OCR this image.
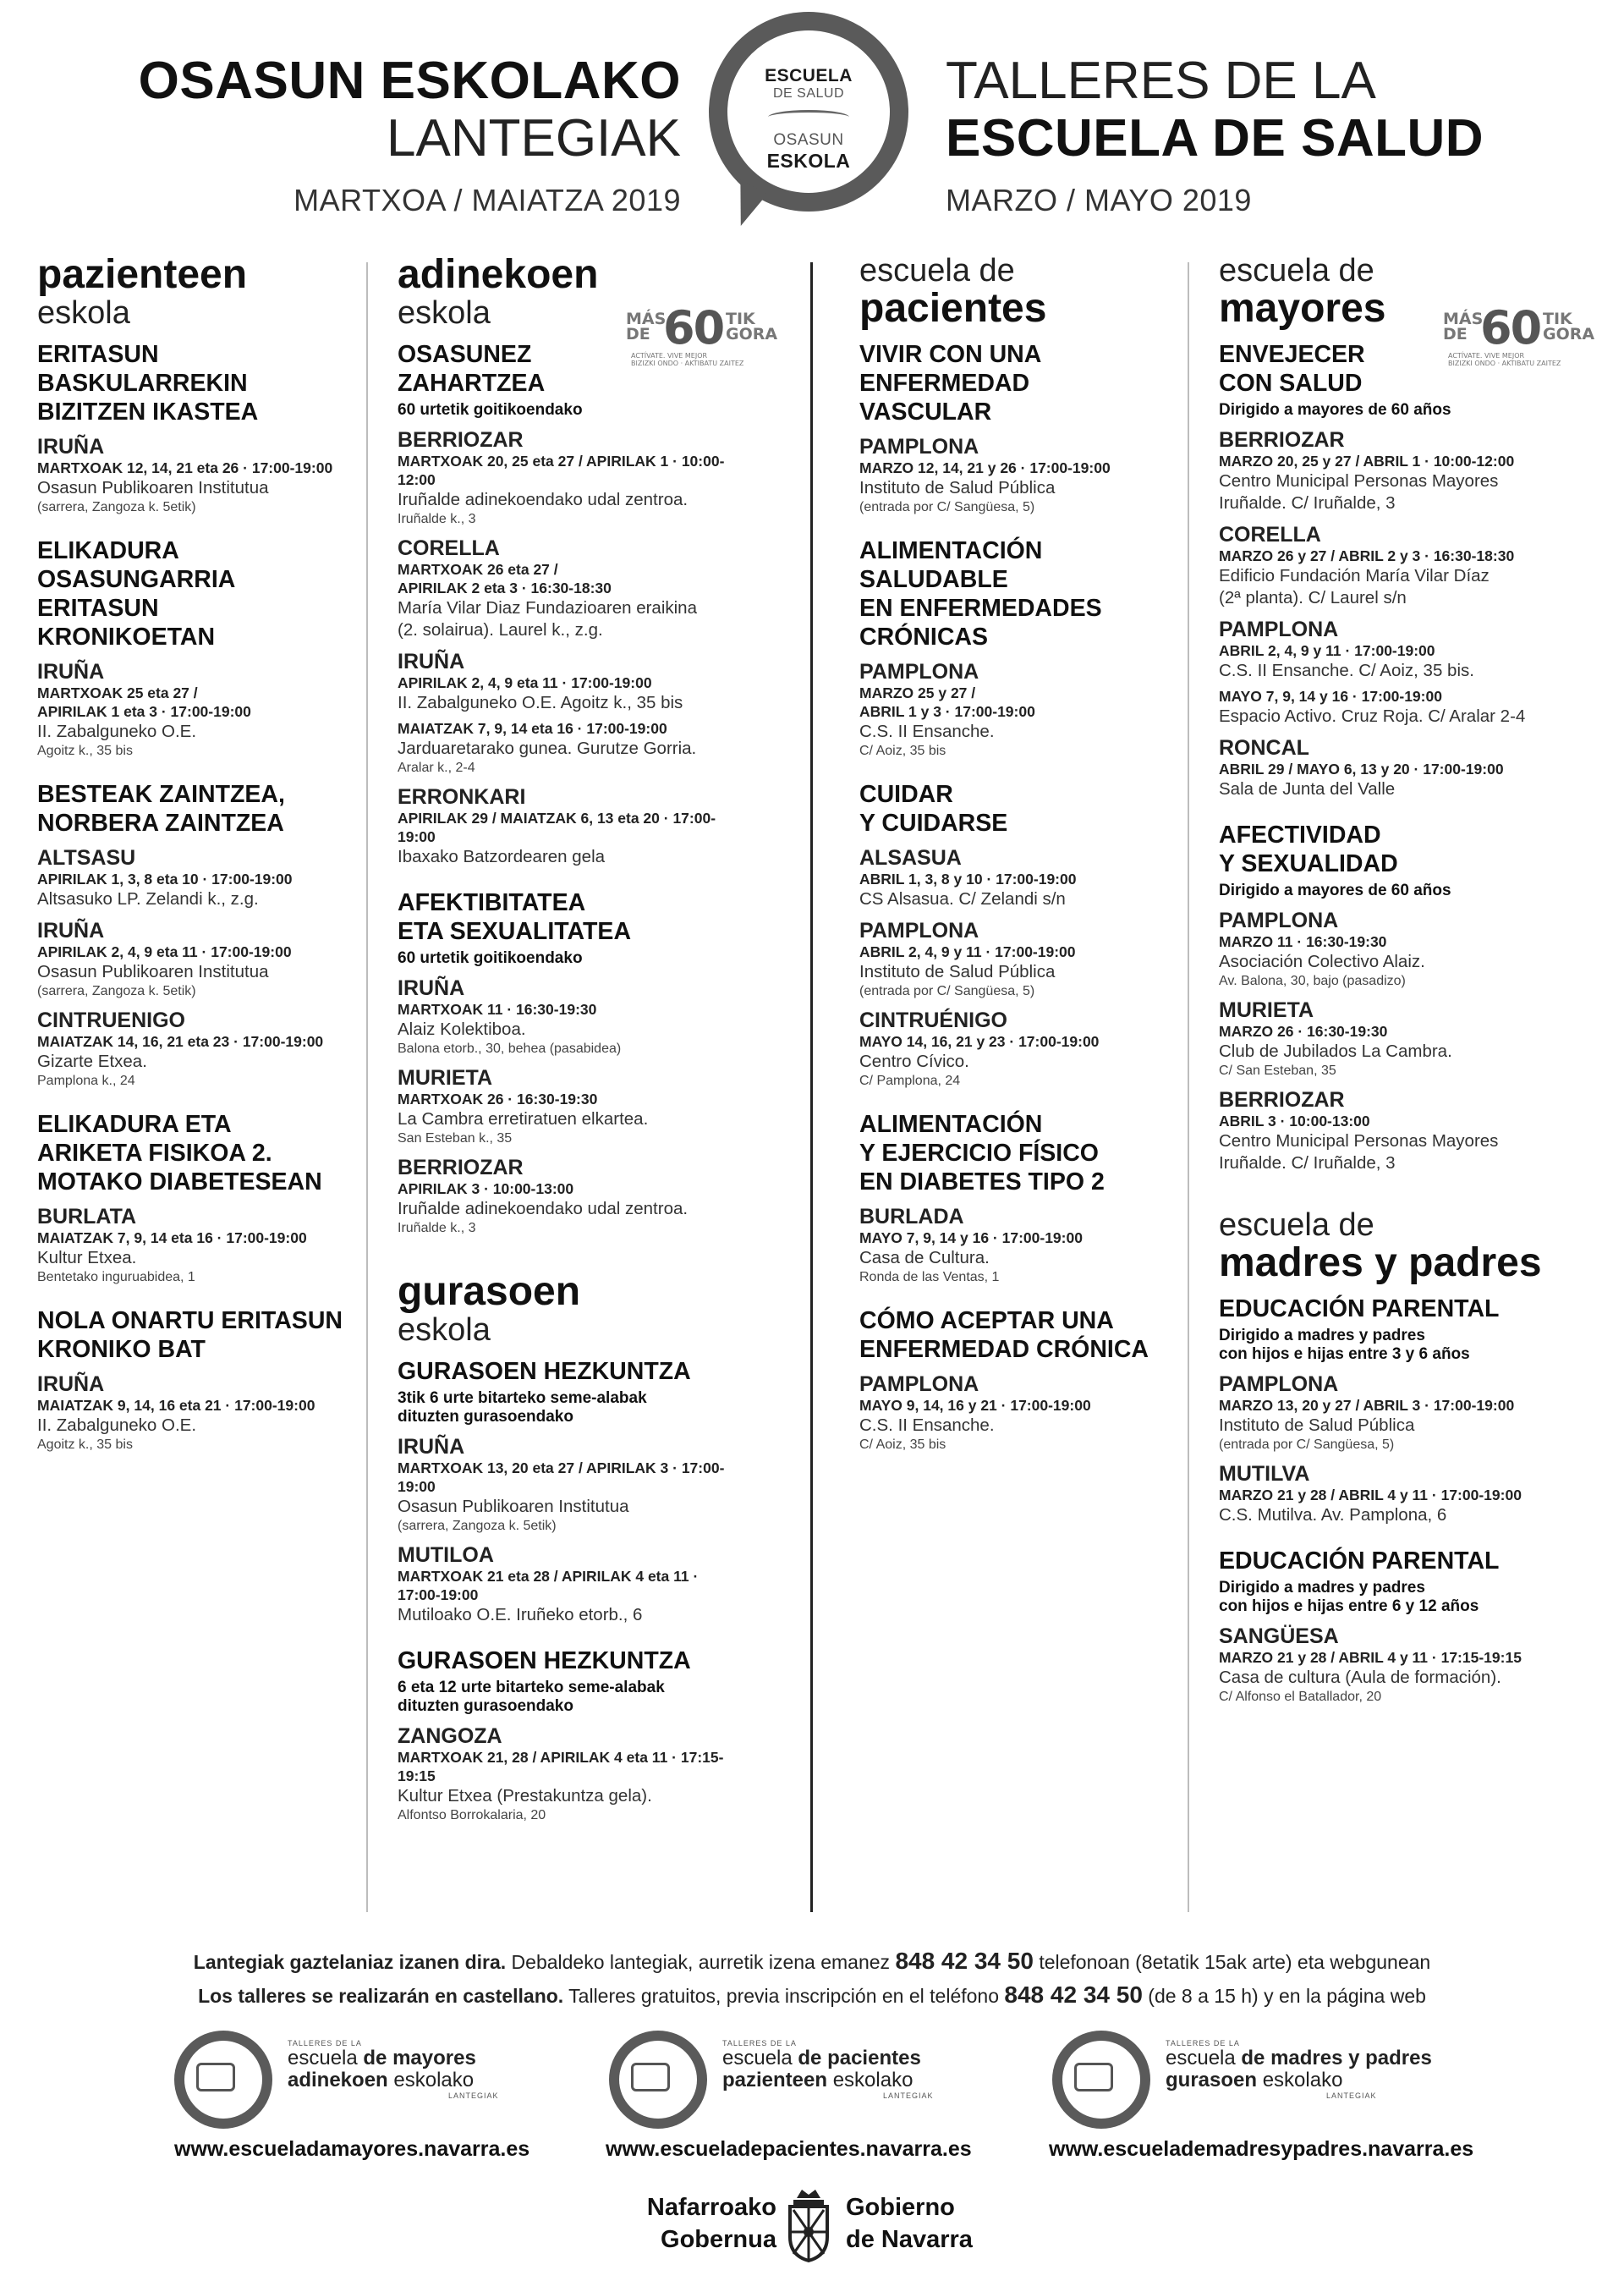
OSASUN ESKOLAKO
LANTEGIAK
MARTXOA / MAIATZA 2019
ESCUELA
DE SALUD
OSASUN
ESKOLA
TALLERES DE LA
ESCUELA DE SALUD
MARZO / MAYO 2019
pazienteen
eskola
ERITASUN
BASKULARREKIN
BIZITZEN IKASTEA
IRUÑA
MARTXOAK 12, 14, 21 eta 26 · 17:00-19:00
Osasun Publikoaren Institutua
(sarrera, Zangoza k. 5etik)
ELIKADURA
OSASUNGARRIA
ERITASUN
KRONIKOETAN
IRUÑA
MARTXOAK 25 eta 27 /
APIRILAK 1 eta 3 · 17:00-19:00
II. Zabalguneko O.E.
Agoitz k., 35 bis
BESTEAK ZAINTZEA,
NORBERA ZAINTZEA
ALTSASU
APIRILAK 1, 3, 8 eta 10 · 17:00-19:00
Altsasuko LP. Zelandi k., z.g.
IRUÑA
APIRILAK 2, 4, 9 eta 11 · 17:00-19:00
Osasun Publikoaren Institutua
(sarrera, Zangoza k. 5etik)
CINTRUENIGO
MAIATZAK 14, 16, 21 eta 23 · 17:00-19:00
Gizarte Etxea.
Pamplona k., 24
ELIKADURA ETA
ARIKETA FISIKOA 2.
MOTAKO DIABETESEAN
BURLATA
MAIATZAK 7, 9, 14 eta 16 · 17:00-19:00
Kultur Etxea.
Bentetako inguruabidea, 1
NOLA ONARTU ERITASUN
KRONIKO BAT
IRUÑA
MAIATZAK 9, 14, 16 eta 21 · 17:00-19:00
II. Zabalguneko O.E.
Agoitz k., 35 bis
adinekoen
eskola	MÁS
DE 60 TIK
GORA
ACTÍVATE. VIVE MEJOR
BIZIZKI ONDO · AKTIBATU ZAITEZ
OSASUNEZ
ZAHARTZEA
60 urtetik goitikoendako
BERRIOZAR
MARTXOAK 20, 25 eta 27 / APIRILAK 1 · 10:00-12:00
Iruñalde adinekoendako udal zentroa.
Iruñalde k., 3
CORELLA
MARTXOAK 26 eta 27 /
APIRILAK 2 eta 3 · 16:30-18:30
María Vilar Diaz Fundazioaren eraikina
(2. solairua). Laurel k., z.g.
IRUÑA
APIRILAK 2, 4, 9 eta 11 · 17:00-19:00
II. Zabalguneko O.E. Agoitz k., 35 bis
MAIATZAK 7, 9, 14 eta 16 · 17:00-19:00
Jarduaretarako gunea. Gurutze Gorria.
Aralar k., 2-4
ERRONKARI
APIRILAK 29 / MAIATZAK 6, 13 eta 20 · 17:00-19:00
Ibaxako Batzordearen gela
AFEKTIBITATEA
ETA SEXUALITATEA
60 urtetik goitikoendako
IRUÑA
MARTXOAK 11 · 16:30-19:30
Alaiz Kolektiboa.
Balona etorb., 30, behea (pasabidea)
MURIETA
MARTXOAK 26 · 16:30-19:30
La Cambra erretiratuen elkartea.
San Esteban k., 35
BERRIOZAR
APIRILAK 3 · 10:00-13:00
Iruñalde adinekoendako udal zentroa.
Iruñalde k., 3
gurasoen
eskola
GURASOEN HEZKUNTZA
3tik 6 urte bitarteko seme-alabak
dituzten gurasoendako
IRUÑA
MARTXOAK 13, 20 eta 27 / APIRILAK 3 · 17:00-19:00
Osasun Publikoaren Institutua
(sarrera, Zangoza k. 5etik)
MUTILOA
MARTXOAK 21 eta 28 / APIRILAK 4 eta 11 · 17:00-19:00
Mutiloako O.E. Iruñeko etorb., 6
GURASOEN HEZKUNTZA
6 eta 12 urte bitarteko seme-alabak
dituzten gurasoendako
ZANGOZA
MARTXOAK 21, 28 / APIRILAK 4 eta 11 · 17:15-19:15
Kultur Etxea (Prestakuntza gela).
Alfontso Borrokalaria, 20
escuela de
pacientes
VIVIR CON UNA
ENFERMEDAD
VASCULAR
PAMPLONA
MARZO 12, 14, 21 y 26 · 17:00-19:00
Instituto de Salud Pública
(entrada por C/ Sangüesa, 5)
ALIMENTACIÓN
SALUDABLE
EN ENFERMEDADES
CRÓNICAS
PAMPLONA
MARZO 25 y 27 /
ABRIL 1 y 3 · 17:00-19:00
C.S. II Ensanche.
C/ Aoiz, 35 bis
CUIDAR
Y CUIDARSE
ALSASUA
ABRIL 1, 3, 8 y 10 · 17:00-19:00
CS Alsasua. C/ Zelandi s/n
PAMPLONA
ABRIL 2, 4, 9 y 11 · 17:00-19:00
Instituto de Salud Pública
(entrada por C/ Sangüesa, 5)
CINTRUÉNIGO
MAYO 14, 16, 21 y 23 · 17:00-19:00
Centro Cívico.
C/ Pamplona, 24
ALIMENTACIÓN
Y EJERCICIO FÍSICO
EN DIABETES TIPO 2
BURLADA
MAYO 7, 9, 14 y 16 · 17:00-19:00
Casa de Cultura.
Ronda de las Ventas, 1
CÓMO ACEPTAR UNA
ENFERMEDAD CRÓNICA
PAMPLONA
MAYO 9, 14, 16 y 21 · 17:00-19:00
C.S. II Ensanche.
C/ Aoiz, 35 bis
escuela de
mayores	MÁS
DE 60 TIK
GORA
ACTÍVATE. VIVE MEJOR
BIZIZKI ONDO · AKTIBATU ZAITEZ
ENVEJECER
CON SALUD
Dirigido a mayores de 60 años
BERRIOZAR
MARZO 20, 25 y 27 / ABRIL 1 · 10:00-12:00
Centro Municipal Personas Mayores
Iruñalde. C/ Iruñalde, 3
CORELLA
MARZO 26 y 27 / ABRIL 2 y 3 · 16:30-18:30
Edificio Fundación María Vilar Díaz
(2ª planta). C/ Laurel s/n
PAMPLONA
ABRIL 2, 4, 9 y 11 · 17:00-19:00
C.S. II Ensanche. C/ Aoiz, 35 bis.
MAYO 7, 9, 14 y 16 · 17:00-19:00
Espacio Activo. Cruz Roja. C/ Aralar 2-4
RONCAL
ABRIL 29 / MAYO 6, 13 y 20 · 17:00-19:00
Sala de Junta del Valle
AFECTIVIDAD
Y SEXUALIDAD
Dirigido a mayores de 60 años
PAMPLONA
MARZO 11 · 16:30-19:30
Asociación Colectivo Alaiz.
Av. Balona, 30, bajo (pasadizo)
MURIETA
MARZO 26 · 16:30-19:30
Club de Jubilados La Cambra.
C/ San Esteban, 35
BERRIOZAR
ABRIL 3 · 10:00-13:00
Centro Municipal Personas Mayores
Iruñalde. C/ Iruñalde, 3
escuela de
madres y padres
EDUCACIÓN PARENTAL
Dirigido a madres y padres
con hijos e hijas entre 3 y 6 años
PAMPLONA
MARZO 13, 20 y 27 / ABRIL 3 · 17:00-19:00
Instituto de Salud Pública
(entrada por C/ Sangüesa, 5)
MUTILVA
MARZO 21 y 28 / ABRIL 4 y 11 · 17:00-19:00
C.S. Mutilva. Av. Pamplona, 6
EDUCACIÓN PARENTAL
Dirigido a madres y padres
con hijos e hijas entre 6 y 12 años
SANGÜESA
MARZO 21 y 28 / ABRIL 4 y 11 · 17:15-19:15
Casa de cultura (Aula de formación).
C/ Alfonso el Batallador, 20
Lantegiak gaztelaniaz izanen dira. Debaldeko lantegiak, aurretik izena emanez 848 42 34 50 telefonoan (8etatik 15ak arte) eta webgunean
Los talleres se realizarán en castellano. Talleres gratuitos, previa inscripción en el teléfono 848 42 34 50 (de 8 a 15 h) y en la página web
TALLERES DE LA
escuela de mayores
adinekoen eskolako
LANTEGIAK
TALLERES DE LA
escuela de pacientes
pazienteen eskolako
LANTEGIAK
TALLERES DE LA
escuela de madres y padres
gurasoen eskolako
LANTEGIAK
www.escueladamayores.navarra.es	www.escueladepacientes.navarra.es	www.escuelademadresypadres.navarra.es
Nafarroako
Gobernua
Gobierno
de Navarra
